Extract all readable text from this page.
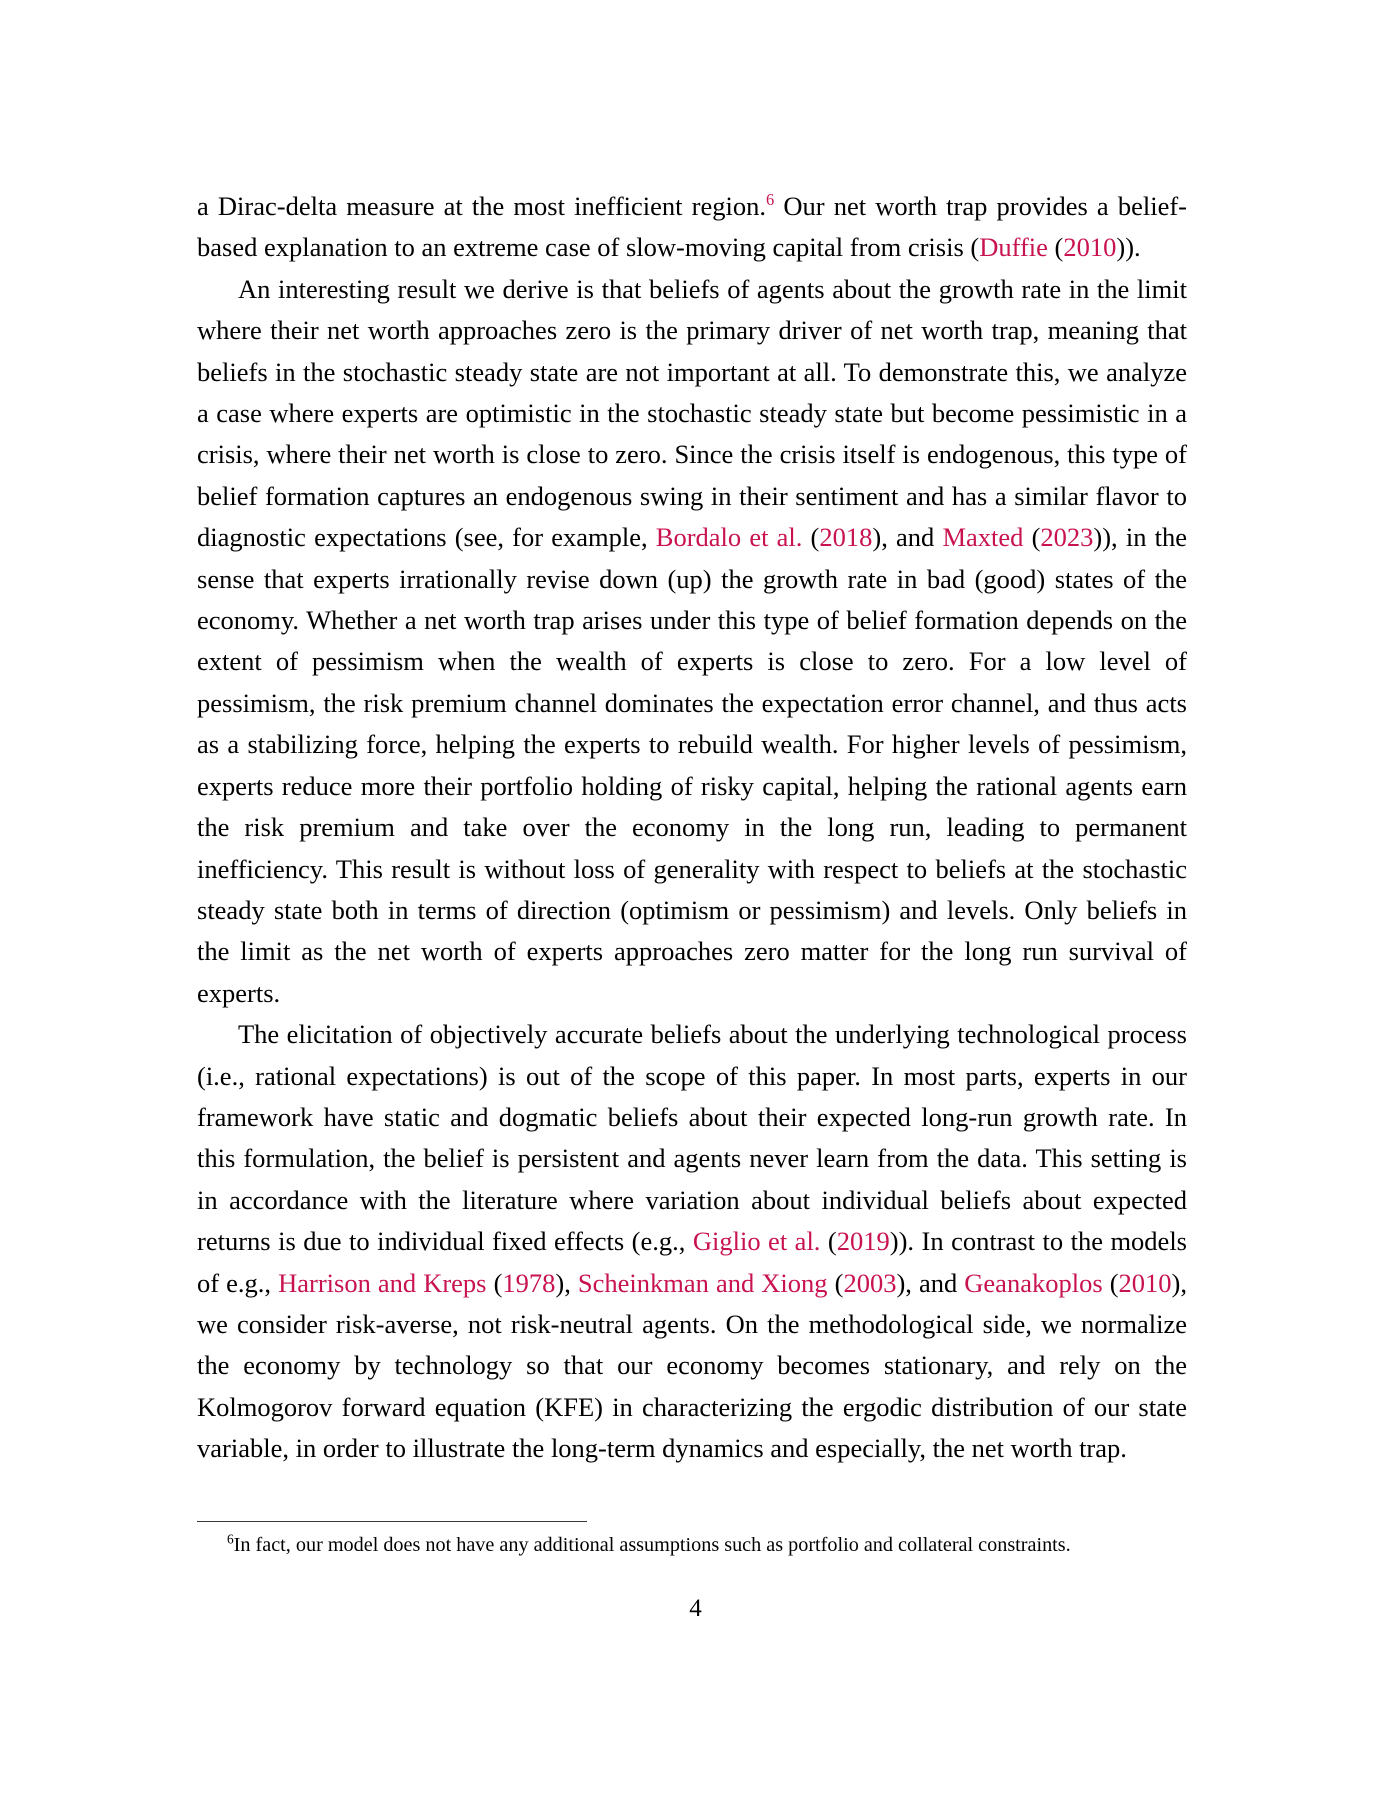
a Dirac-delta measure at the most inefficient region.$^6$ Our net worth trap provides a belief-based explanation to an extreme case of slow-moving capital from crisis (Duffie (2010)).

An interesting result we derive is that beliefs of agents about the growth rate in the limit where their net worth approaches zero is the primary driver of net worth trap, meaning that beliefs in the stochastic steady state are not important at all. To demonstrate this, we analyze a case where experts are optimistic in the stochastic steady state but become pessimistic in a crisis, where their net worth is close to zero. Since the crisis itself is endogenous, this type of belief formation captures an endogenous swing in their sentiment and has a similar flavor to diagnostic expectations (see, for example, Bordalo et al. (2018), and Maxted (2023)), in the sense that experts irrationally revise down (up) the growth rate in bad (good) states of the economy. Whether a net worth trap arises under this type of belief formation depends on the extent of pessimism when the wealth of experts is close to zero. For a low level of pessimism, the risk premium channel dominates the expectation error channel, and thus acts as a stabilizing force, helping the experts to rebuild wealth. For higher levels of pessimism, experts reduce more their portfolio holding of risky capital, helping the rational agents earn the risk premium and take over the economy in the long run, leading to permanent inefficiency. This result is without loss of generality with respect to beliefs at the stochastic steady state both in terms of direction (optimism or pessimism) and levels. Only beliefs in the limit as the net worth of experts approaches zero matter for the long run survival of experts.

The elicitation of objectively accurate beliefs about the underlying technological process (i.e., rational expectations) is out of the scope of this paper. In most parts, experts in our framework have static and dogmatic beliefs about their expected long-run growth rate. In this formulation, the belief is persistent and agents never learn from the data. This setting is in accordance with the literature where variation about individual beliefs about expected returns is due to individual fixed effects (e.g., Giglio et al. (2019)). In contrast to the models of e.g., Harrison and Kreps (1978), Scheinkman and Xiong (2003), and Geanakoplos (2010), we consider risk-averse, not risk-neutral agents. On the methodological side, we normalize the economy by technology so that our economy becomes stationary, and rely on the Kolmogorov forward equation (KFE) in characterizing the ergodic distribution of our state variable, in order to illustrate the long-term dynamics and especially, the net worth trap.

$^6$In fact, our model does not have any additional assumptions such as portfolio and collateral constraints.

4
